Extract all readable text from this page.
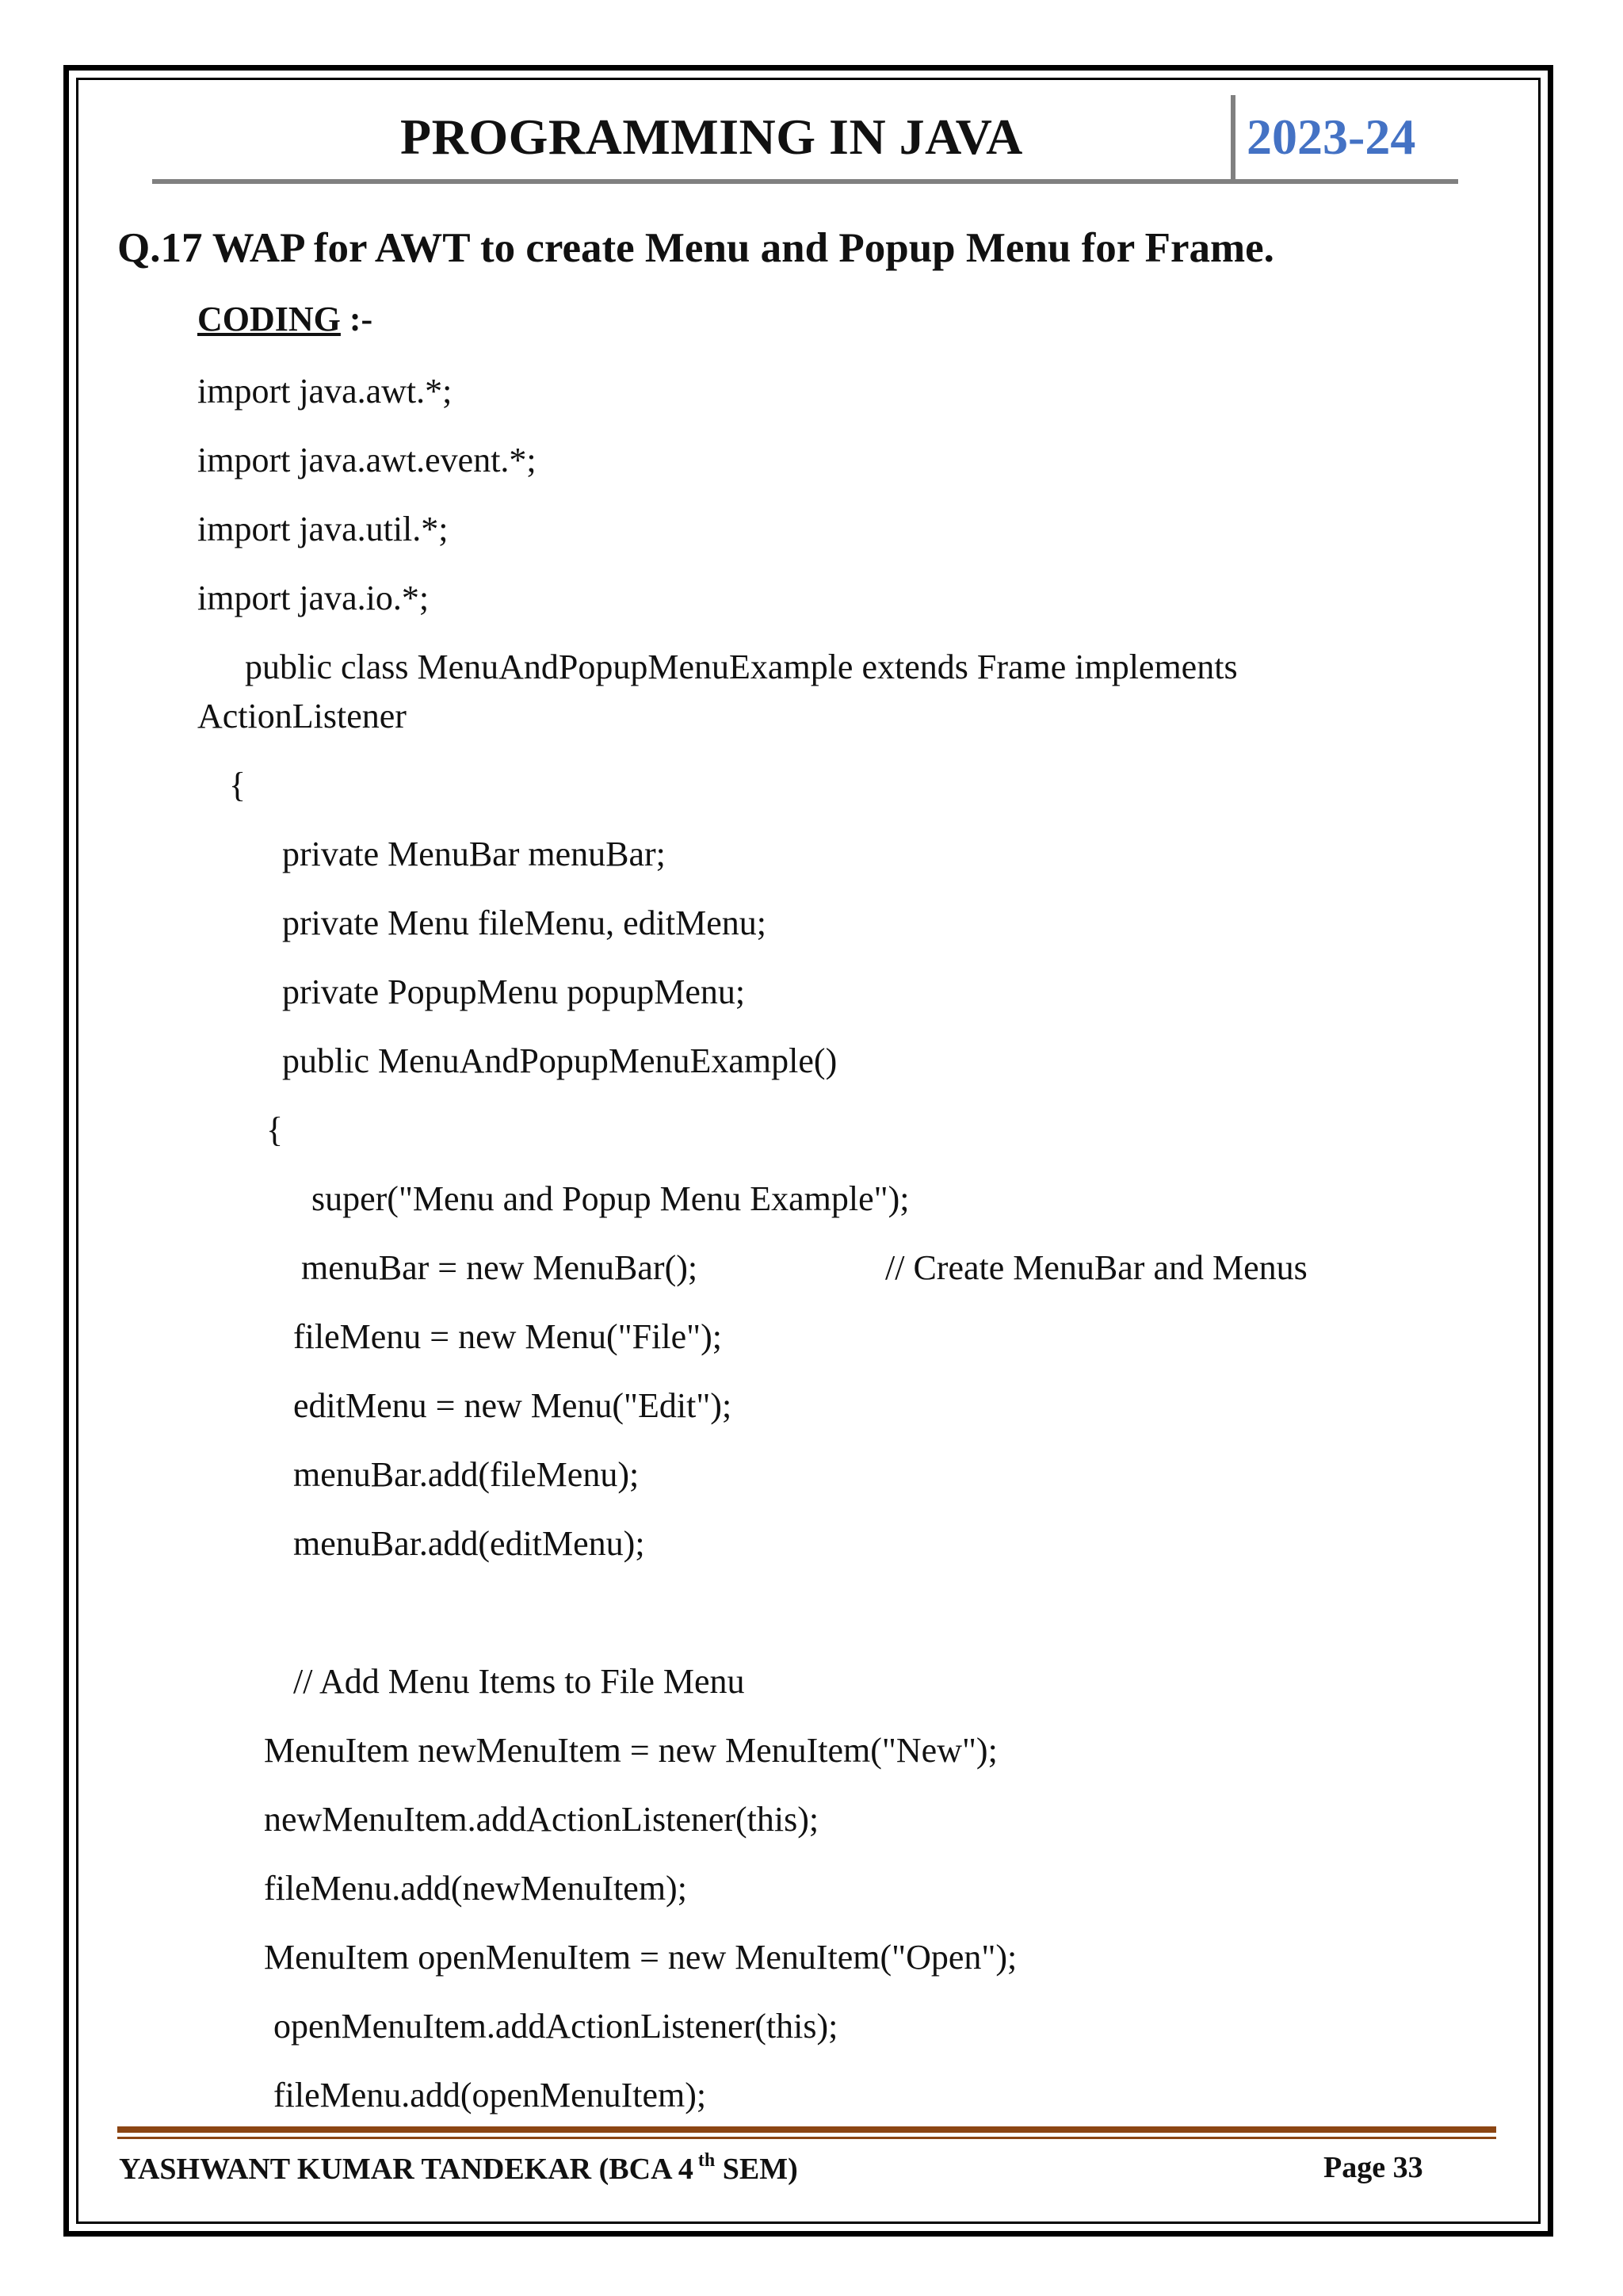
PROGRAMMING IN JAVA	2023-24
Q.17 WAP for AWT to create Menu and Popup Menu for Frame.
CODING :-
import java.awt.*;
import java.awt.event.*;
import java.util.*;
import java.io.*;
public class MenuAndPopupMenuExample extends Frame implements
ActionListener
{
private MenuBar menuBar;
private Menu fileMenu, editMenu;
private PopupMenu popupMenu;
public MenuAndPopupMenuExample()
{
super("Menu and Popup Menu Example");
menuBar = new MenuBar();	// Create MenuBar and Menus
fileMenu = new Menu("File");
editMenu = new Menu("Edit");
menuBar.add(fileMenu);
menuBar.add(editMenu);
// Add Menu Items to File Menu
MenuItem newMenuItem = new MenuItem("New");
newMenuItem.addActionListener(this);
fileMenu.add(newMenuItem);
MenuItem openMenuItem = new MenuItem("Open");
openMenuItem.addActionListener(this);
fileMenu.add(openMenuItem);
YASHWANT KUMAR TANDEKAR (BCA 4 $^{th}$ SEM)	Page 33
